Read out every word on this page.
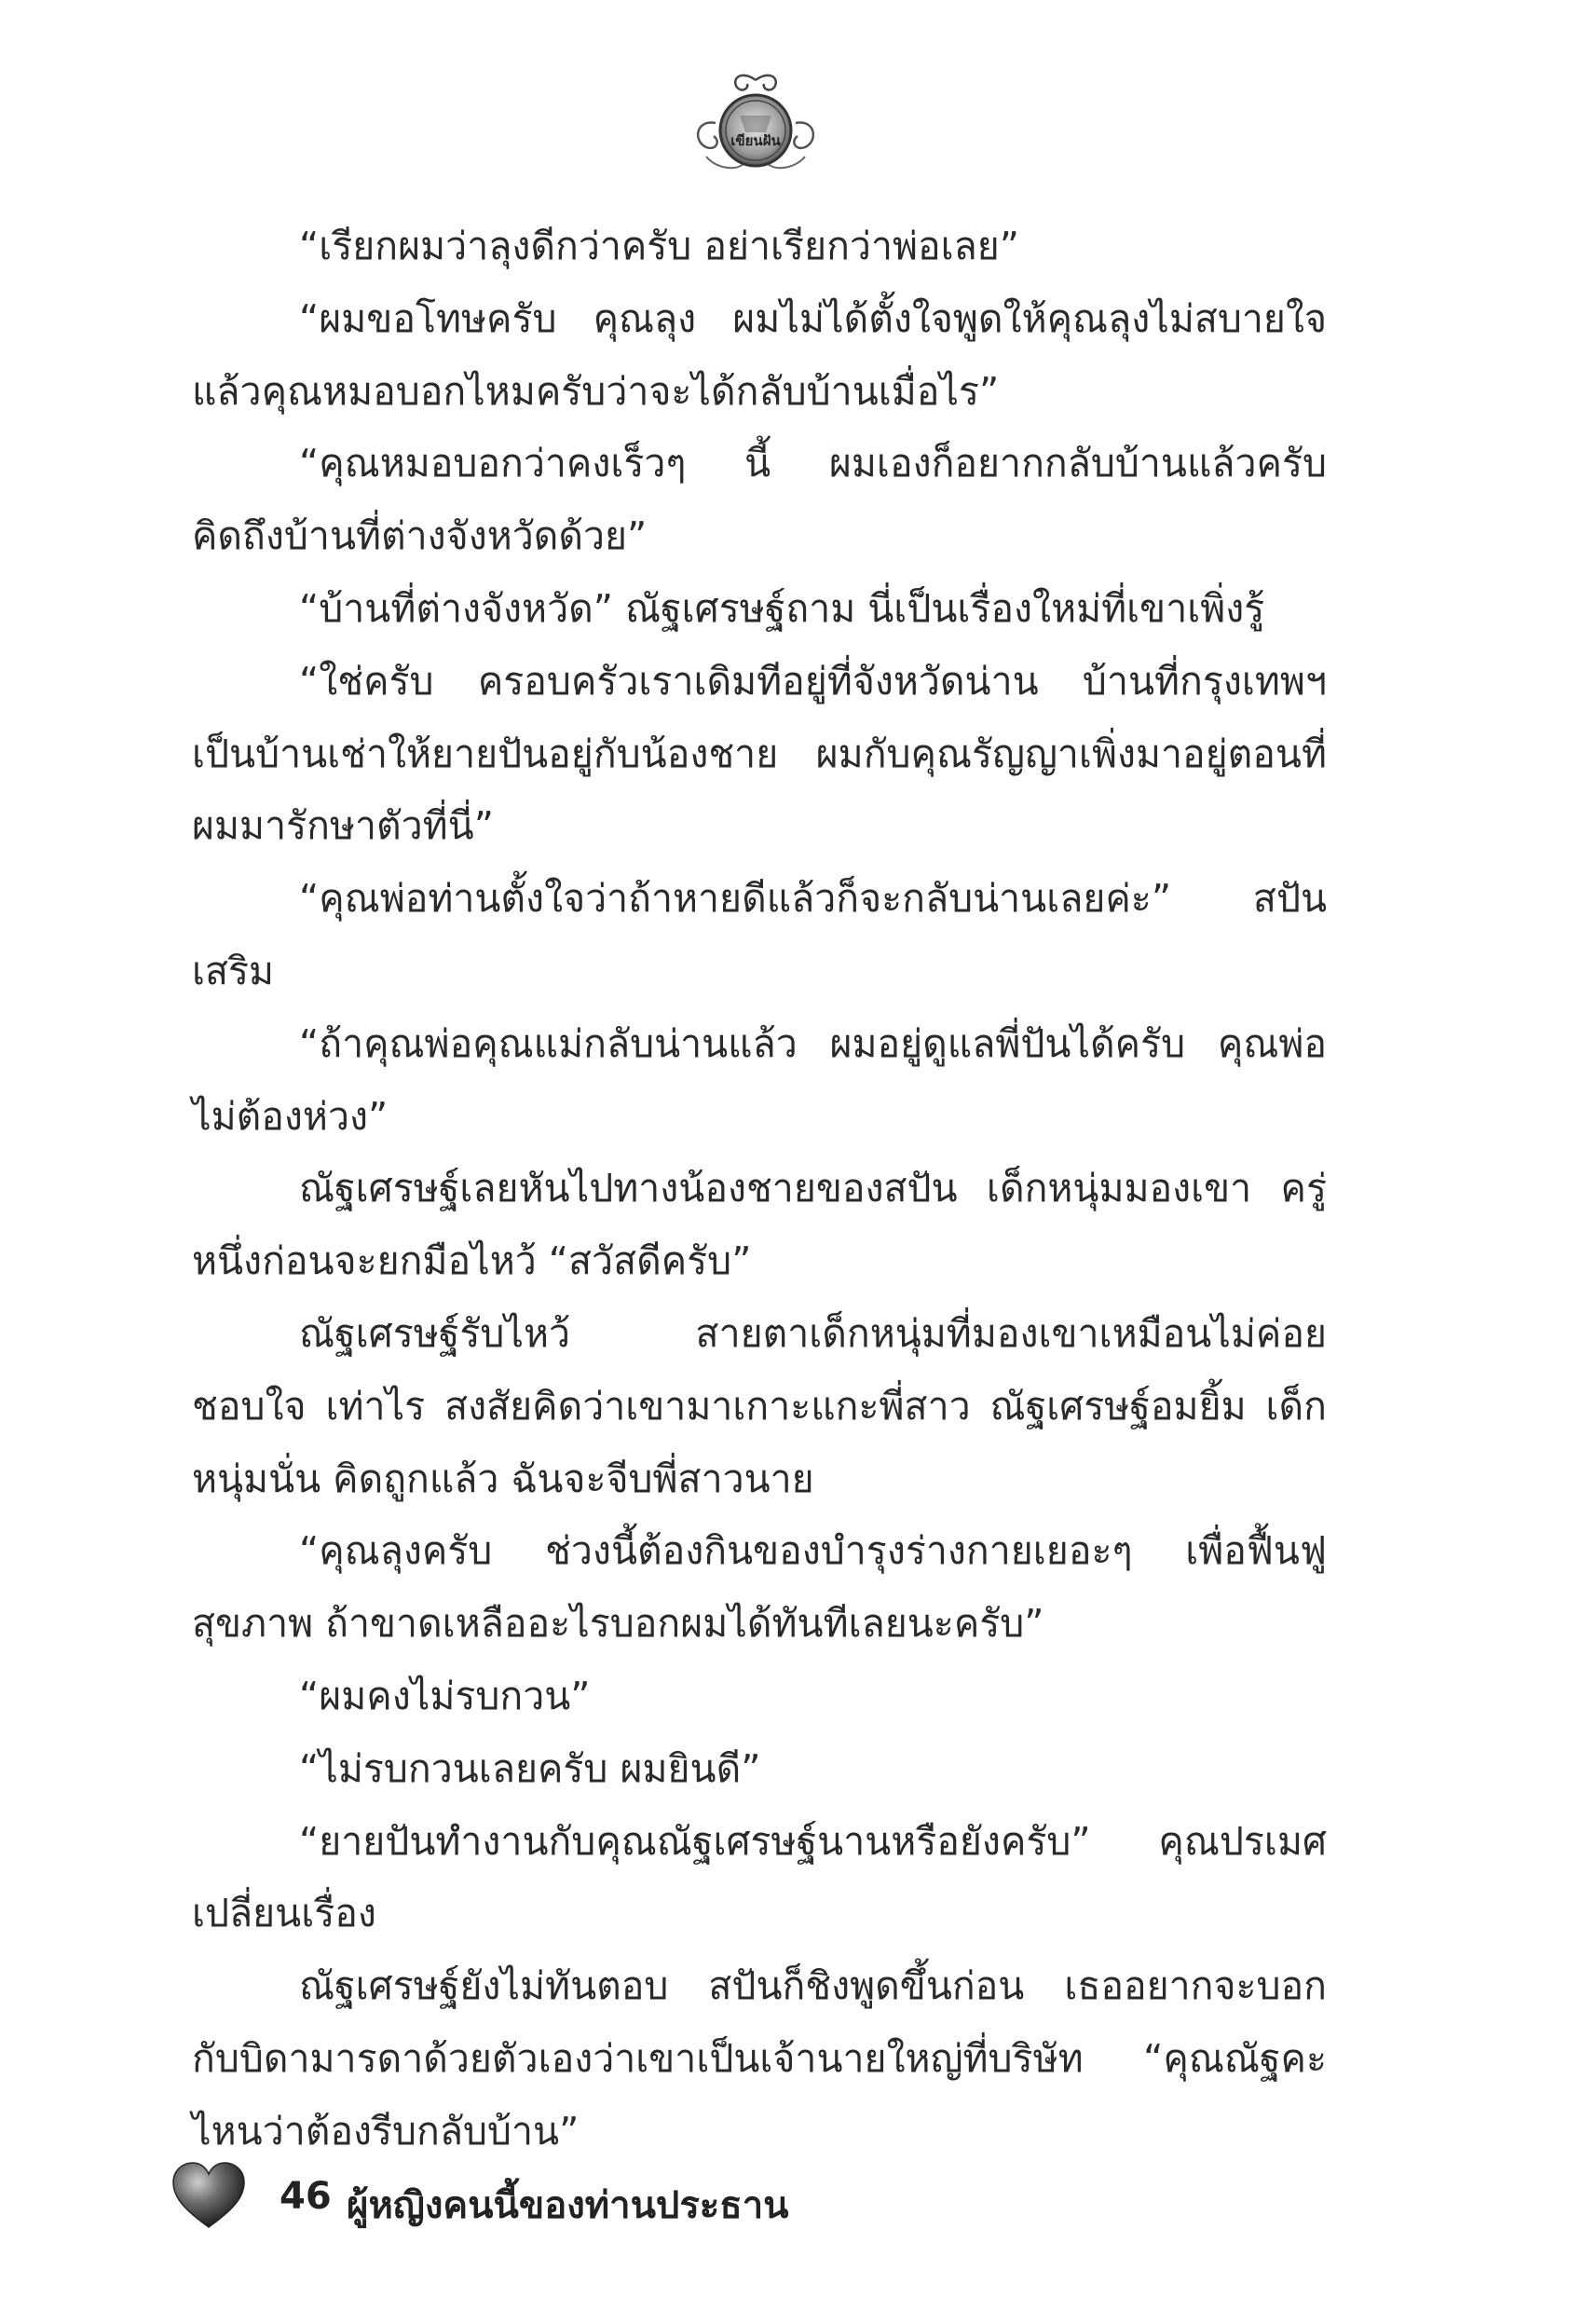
เขียนฝัน

“เรียกผมว่าลุงดีกว่าครับ อย่าเรียกว่าพ่อเลย”

“ผมขอโทษครับ คุณลุง ผมไม่ได้ตั้งใจพูดให้คุณลุงไม่สบายใจ แล้วคุณหมอบอกไหมครับว่าจะได้กลับบ้านเมื่อไร”

“คุณหมอบอกว่าคงเร็วๆ นี้ ผมเองก็อยากกลับบ้านแล้วครับ คิดถึงบ้านที่ต่างจังหวัดด้วย”

“บ้านที่ต่างจังหวัด” ณัฐเศรษฐ์ถาม นี่เป็นเรื่องใหม่ที่เขาเพิ่งรู้

“ใช่ครับ ครอบครัวเราเดิมทีอยู่ที่จังหวัดน่าน บ้านที่กรุงเทพฯ เป็นบ้านเช่าให้ยายปันอยู่กับน้องชาย ผมกับคุณรัญญาเพิ่งมาอยู่ตอนที่ ผมมารักษาตัวที่นี่”

“คุณพ่อท่านตั้งใจว่าถ้าหายดีแล้วก็จะกลับน่านเลยค่ะ” สปันเสริม

“ถ้าคุณพ่อคุณแม่กลับน่านแล้ว ผมอยู่ดูแลพี่ปันได้ครับ คุณพ่อ ไม่ต้องห่วง”

ณัฐเศรษฐ์เลยหันไปทางน้องชายของสปัน เด็กหนุ่มมองเขา ครู่หนึ่งก่อนจะยกมือไหว้ “สวัสดีครับ”

ณัฐเศรษฐ์รับไหว้ สายตาเด็กหนุ่มที่มองเขาเหมือนไม่ค่อยชอบใจ เท่าไร สงสัยคิดว่าเขามาเกาะแกะพี่สาว ณัฐเศรษฐ์อมยิ้ม เด็กหนุ่มนั่น คิดถูกแล้ว ฉันจะจีบพี่สาวนาย

“คุณลุงครับ ช่วงนี้ต้องกินของบำรุงร่างกายเยอะๆ เพื่อฟื้นฟู สุขภาพ ถ้าขาดเหลืออะไรบอกผมได้ทันทีเลยนะครับ”

“ผมคงไม่รบกวน”

“ไม่รบกวนเลยครับ ผมยินดี”

“ยายปันทำงานกับคุณณัฐเศรษฐ์นานหรือยังครับ” คุณปรเมศ เปลี่ยนเรื่อง

ณัฐเศรษฐ์ยังไม่ทันตอบ สปันก็ชิงพูดขึ้นก่อน เธออยากจะบอก กับบิดามารดาด้วยตัวเองว่าเขาเป็นเจ้านายใหญ่ที่บริษัท “คุณณัฐคะ ไหนว่าต้องรีบกลับบ้าน”

46 ผู้หญิงคนนี้ของท่านประธาน
